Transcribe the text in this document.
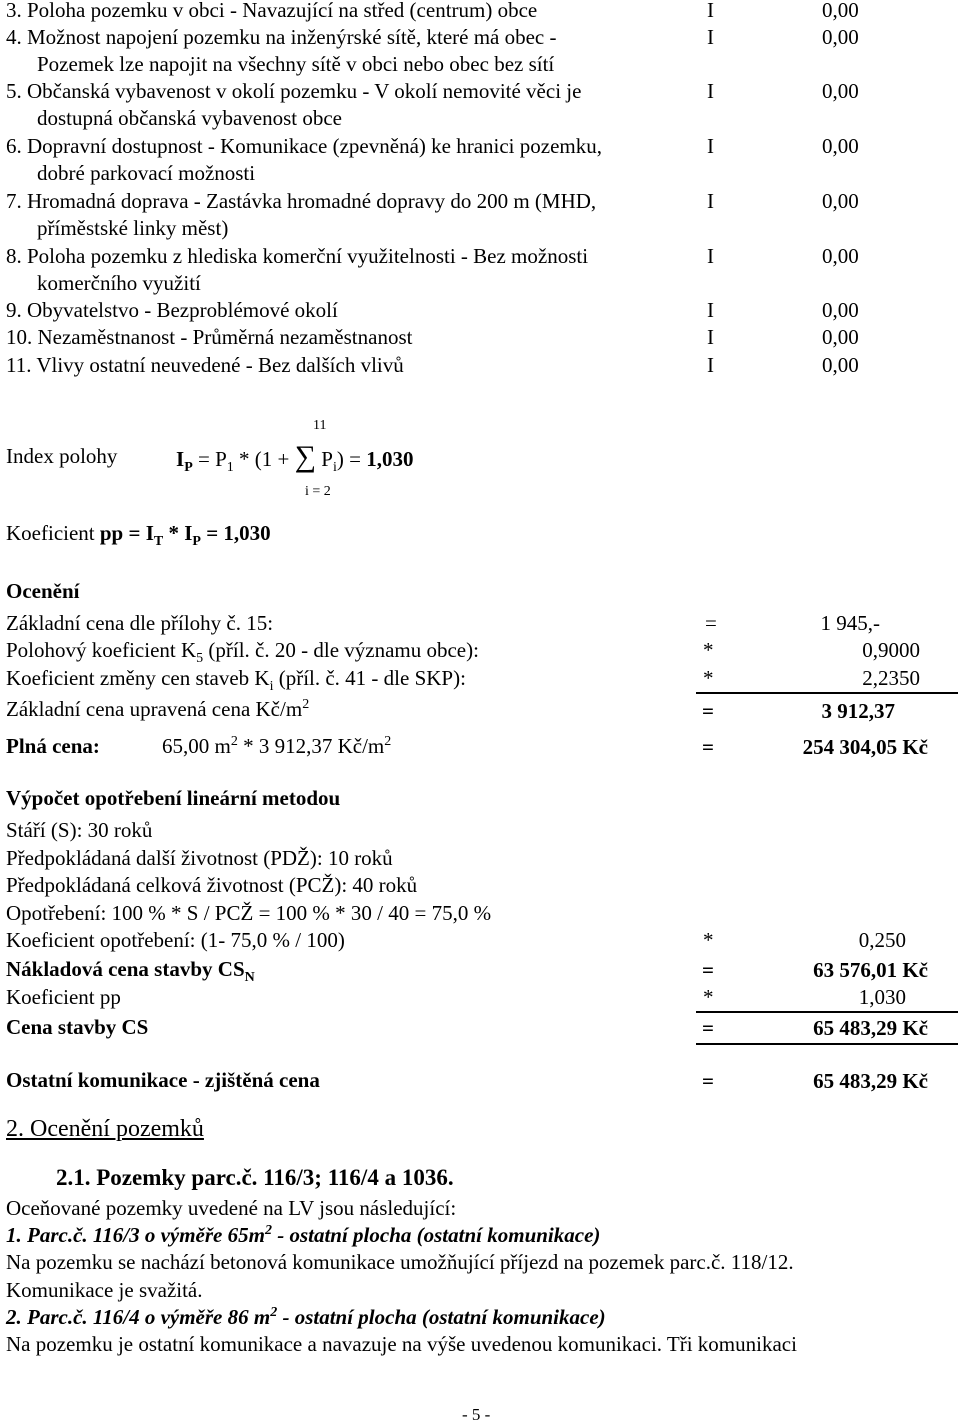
3. Poloha pozemku v obci - Navazující na střed (centrum) obce	I	0,00
4. Možnost napojení pozemku na inženýrské sítě, které má obec -
Pozemek lze napojit na všechny sítě v obci nebo obec bez sítí
I	0,00
5. Občanská vybavenost v okolí pozemku - V okolí nemovité věci je
dostupná občanská vybavenost obce
I	0,00
6. Dopravní dostupnost - Komunikace (zpevněná) ke hranici pozemku,
dobré parkovací možnosti
I	0,00
7. Hromadná doprava - Zastávka hromadné dopravy do 200 m (MHD,
příměstské linky měst)
I	0,00
8. Poloha pozemku z hlediska komerční využitelnosti - Bez možnosti
komerčního využití
I	0,00
9. Obyvatelstvo - Bezproblémové okolí	I	0,00
10. Nezaměstnanost - Průměrná nezaměstnanost	I	0,00
11. Vlivy ostatní neuvedené - Bez dalších vlivů	I	0,00
11
Index polohy	$I_P = P_1 * (1$ + ∑ $P_i) = 1,030$
i = 2
Koeficient pp = $I_T * I_P = 1,030$
Ocenění
Základní cena dle přílohy č. 15:	=	1 945,-
Polohový koeficient $K_5$ (příl. č. 20 - dle významu obce):	*	0,9000
Koeficient změny cen staveb $K_i$ (příl. č. 41 - dle SKP):	*	2,2350
Základní cena upravená cena $Kč/m^2$	=	3 912,37
Plná cena:	65,00 $m^2 * 3$ 912,37 $Kč/m^2$	=	254 304,05 Kč
Výpočet opotřebení lineární metodou
Stáří (S): 30 roků
Předpokládaná další životnost (PDŽ): 10 roků
Předpokládaná celková životnost (PCŽ): 40 roků
Opotřebení: 100 % * S / PCŽ = 100 % * 30 / 40 = 75,0 %
Koeficient opotřebení: (1- 75,0 % / 100)	*	0,250
Nákladová cena stavby $CS_N$	=	63 576,01 Kč
Koeficient pp	*	1,030
Cena stavby CS	=	65 483,29 Kč
Ostatní komunikace - zjištěná cena	=	65 483,29 Kč
2. Ocenění pozemků
2.1. Pozemky parc.č. 116/3; 116/4 a 1036.
Oceňované pozemky uvedené na LV jsou následující:
1. Parc.č. 116/3 o výměře $65m^2$ - ostatní plocha (ostatní komunikace)
Na pozemku se nachází betonová komunikace umožňující příjezd na pozemek parc.č. 118/12.
Komunikace je svažitá.
2. Parc.č. 116/4 o výměře 86 $m^2$ - ostatní plocha (ostatní komunikace)
Na pozemku je ostatní komunikace a navazuje na výše uvedenou komunikaci. Tři komunikaci
- 5 -
